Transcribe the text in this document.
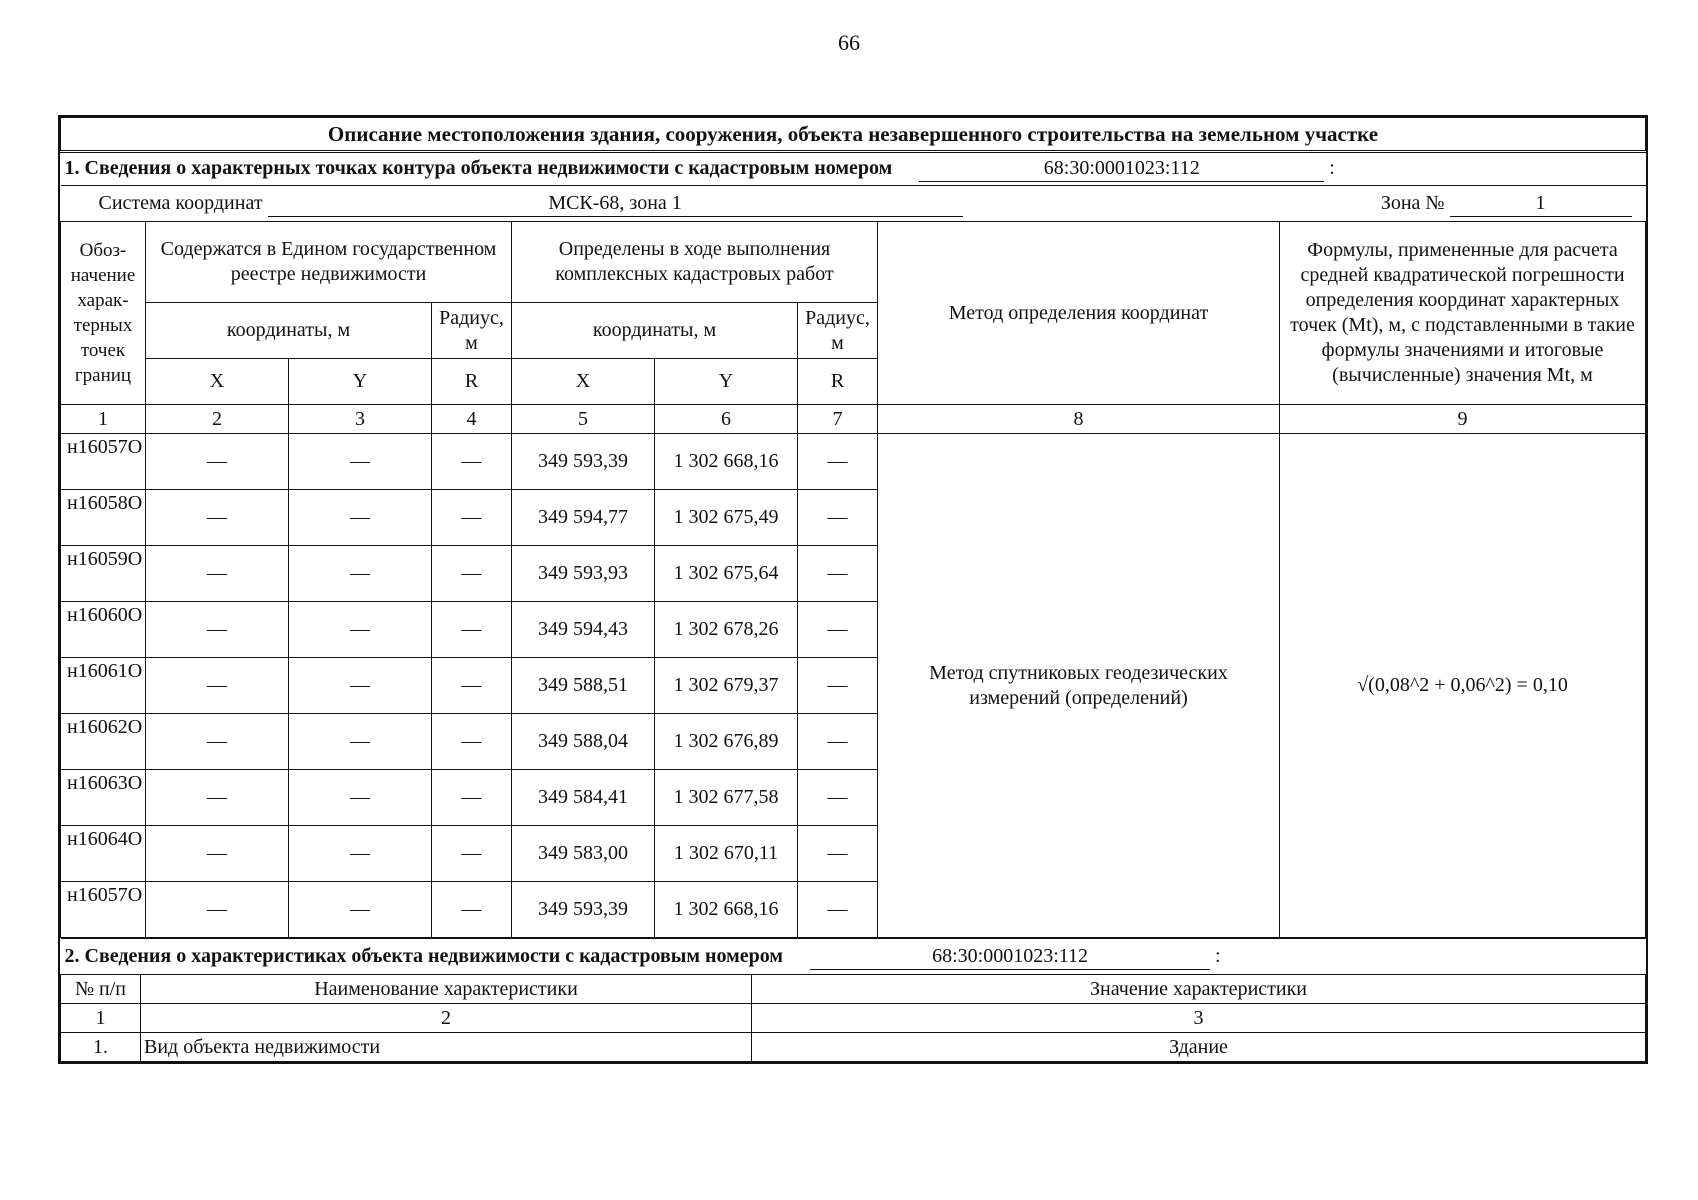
66
Описание местоположения здания, сооружения, объекта незавершенного строительства на земельном участке
1. Сведения о характерных точках контура объекта недвижимости с кадастровым номером	68:30:0001023:112	:
Система координат	МСК-68, зона 1	Зона №	1

Обоз-начение харак-терных точек границ	Содержатся в Едином государственном реестре недвижимости	Определены в ходе выполнения комплексных кадастровых работ	Метод определения координат	Формулы, примененные для расчета средней квадратической погрешности определения координат характерных точек (Mt), м, с подставленными в такие формулы значениями и итоговые (вычисленные) значения Mt, м
координаты, м	Радиус, м	координаты, м	Радиус, м
X	Y	R	X	Y	R
1	2	3	4	5	6	7	8	9
н16057О	—	—	—	349 593,39	1 302 668,16	—	Метод спутниковых геодезических измерений (определений)	√(0,08^2 + 0,06^2) = 0,10
н16058О	—	—	—	349 594,77	1 302 675,49	—
н16059О	—	—	—	349 593,93	1 302 675,64	—
н16060О	—	—	—	349 594,43	1 302 678,26	—
н16061О	—	—	—	349 588,51	1 302 679,37	—
н16062О	—	—	—	349 588,04	1 302 676,89	—
н16063О	—	—	—	349 584,41	1 302 677,58	—
н16064О	—	—	—	349 583,00	1 302 670,11	—
н16057О	—	—	—	349 593,39	1 302 668,16	—
2. Сведения о характеристиках объекта недвижимости с кадастровым номером	68:30:0001023:112	:
№ п/п	Наименование характеристики	Значение характеристики
1	2	3
1.	Вид объекта недвижимости	Здание
